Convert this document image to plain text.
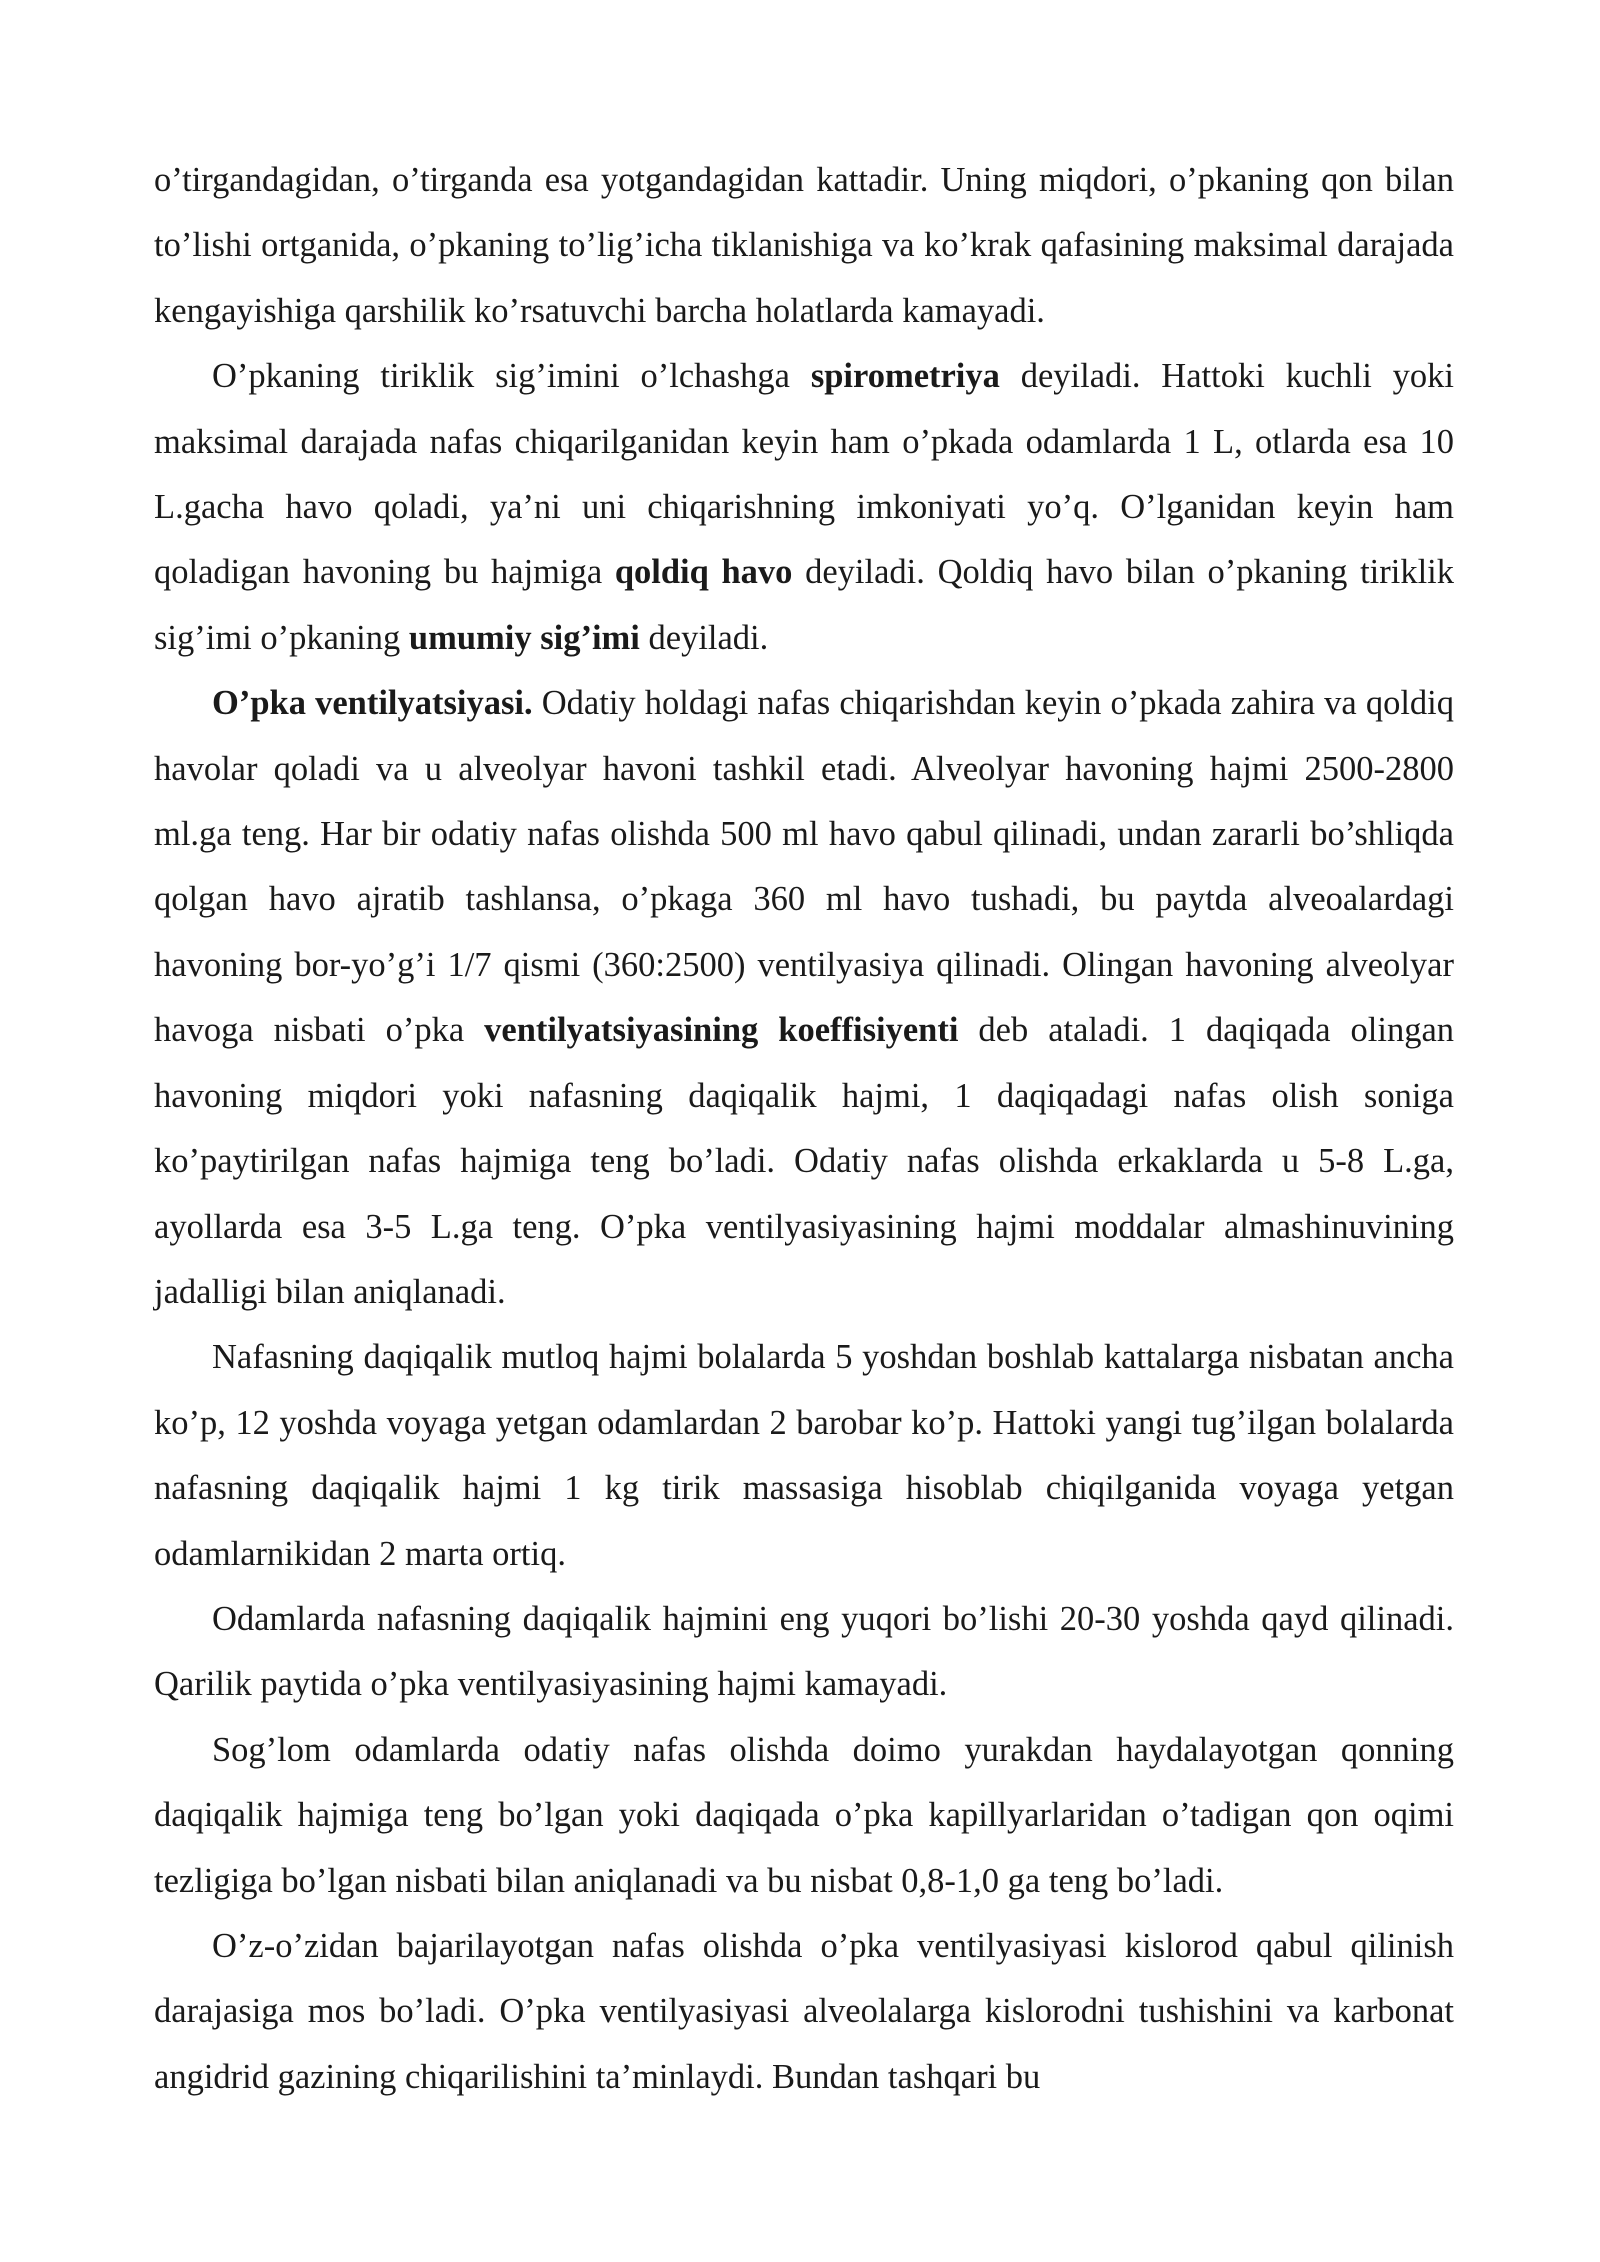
o’tirgandagidan, o’tirganda esa yotgandagidan kattadir. Uning miqdori, o’pkaning qon bilan to’lishi ortganida, o’pkaning to’lig’icha tiklanishiga va ko’krak qafasining maksimal darajada kengayishiga qarshilik ko’rsatuvchi barcha holatlarda kamayadi.

O’pkaning tiriklik sig’imini o’lchashga spirometriya deyiladi. Hattoki kuchli yoki maksimal darajada nafas chiqarilganidan keyin ham o’pkada odamlarda 1 L, otlarda esa 10 L.gacha havo qoladi, ya’ni uni chiqarishning imkoniyati yo’q. O’lganidan keyin ham qoladigan havoning bu hajmiga qoldiq havo deyiladi. Qoldiq havo bilan o’pkaning tiriklik sig’imi o’pkaning umumiy sig’imi deyiladi.

O’pka ventilyatsiyasi. Odatiy holdagi nafas chiqarishdan keyin o’pkada zahira va qoldiq havolar qoladi va u alveolyar havoni tashkil etadi. Alveolyar havoning hajmi 2500-2800 ml.ga teng. Har bir odatiy nafas olishda 500 ml havo qabul qilinadi, undan zararli bo’shliqda qolgan havo ajratib tashlansa, o’pkaga 360 ml havo tushadi, bu paytda alveoalardagi havoning bor-yo’g’i 1/7 qismi (360:2500) ventilyasiya qilinadi. Olingan havoning alveolyar havoga nisbati o’pka ventilyatsiyasining koeffisiyenti deb ataladi. 1 daqiqada olingan havoning miqdori yoki nafasning daqiqalik hajmi, 1 daqiqadagi nafas olish soniga ko’paytirilgan nafas hajmiga teng bo’ladi. Odatiy nafas olishda erkaklarda u 5-8 L.ga, ayollarda esa 3-5 L.ga teng. O’pka ventilyasiyasining hajmi moddalar almashinuvining jadalligi bilan aniqlanadi.

Nafasning daqiqalik mutloq hajmi bolalarda 5 yoshdan boshlab kattalarga nisbatan ancha ko’p, 12 yoshda voyaga yetgan odamlardan 2 barobar ko’p. Hattoki yangi tug’ilgan bolalarda nafasning daqiqalik hajmi 1 kg tirik massasiga hisoblab chiqilganida voyaga yetgan odamlarnikidan 2 marta ortiq.

Odamlarda nafasning daqiqalik hajmini eng yuqori bo’lishi 20-30 yoshda qayd qilinadi. Qarilik paytida o’pka ventilyasiyasining hajmi kamayadi.

Sog’lom odamlarda odatiy nafas olishda doimo yurakdan haydalayotgan qonning daqiqalik hajmiga teng bo’lgan yoki daqiqada o’pka kapillyarlaridan o’tadigan qon oqimi tezligiga bo’lgan nisbati bilan aniqlanadi va bu nisbat 0,8-1,0 ga teng bo’ladi.

O’z-o’zidan bajarilayotgan nafas olishda o’pka ventilyasiyasi kislorod qabul qilinish darajasiga mos bo’ladi. O’pka ventilyasiyasi alveolalarga kislorodni tushishini va karbonat angidrid gazining chiqarilishini ta’minlaydi. Bundan tashqari bu
